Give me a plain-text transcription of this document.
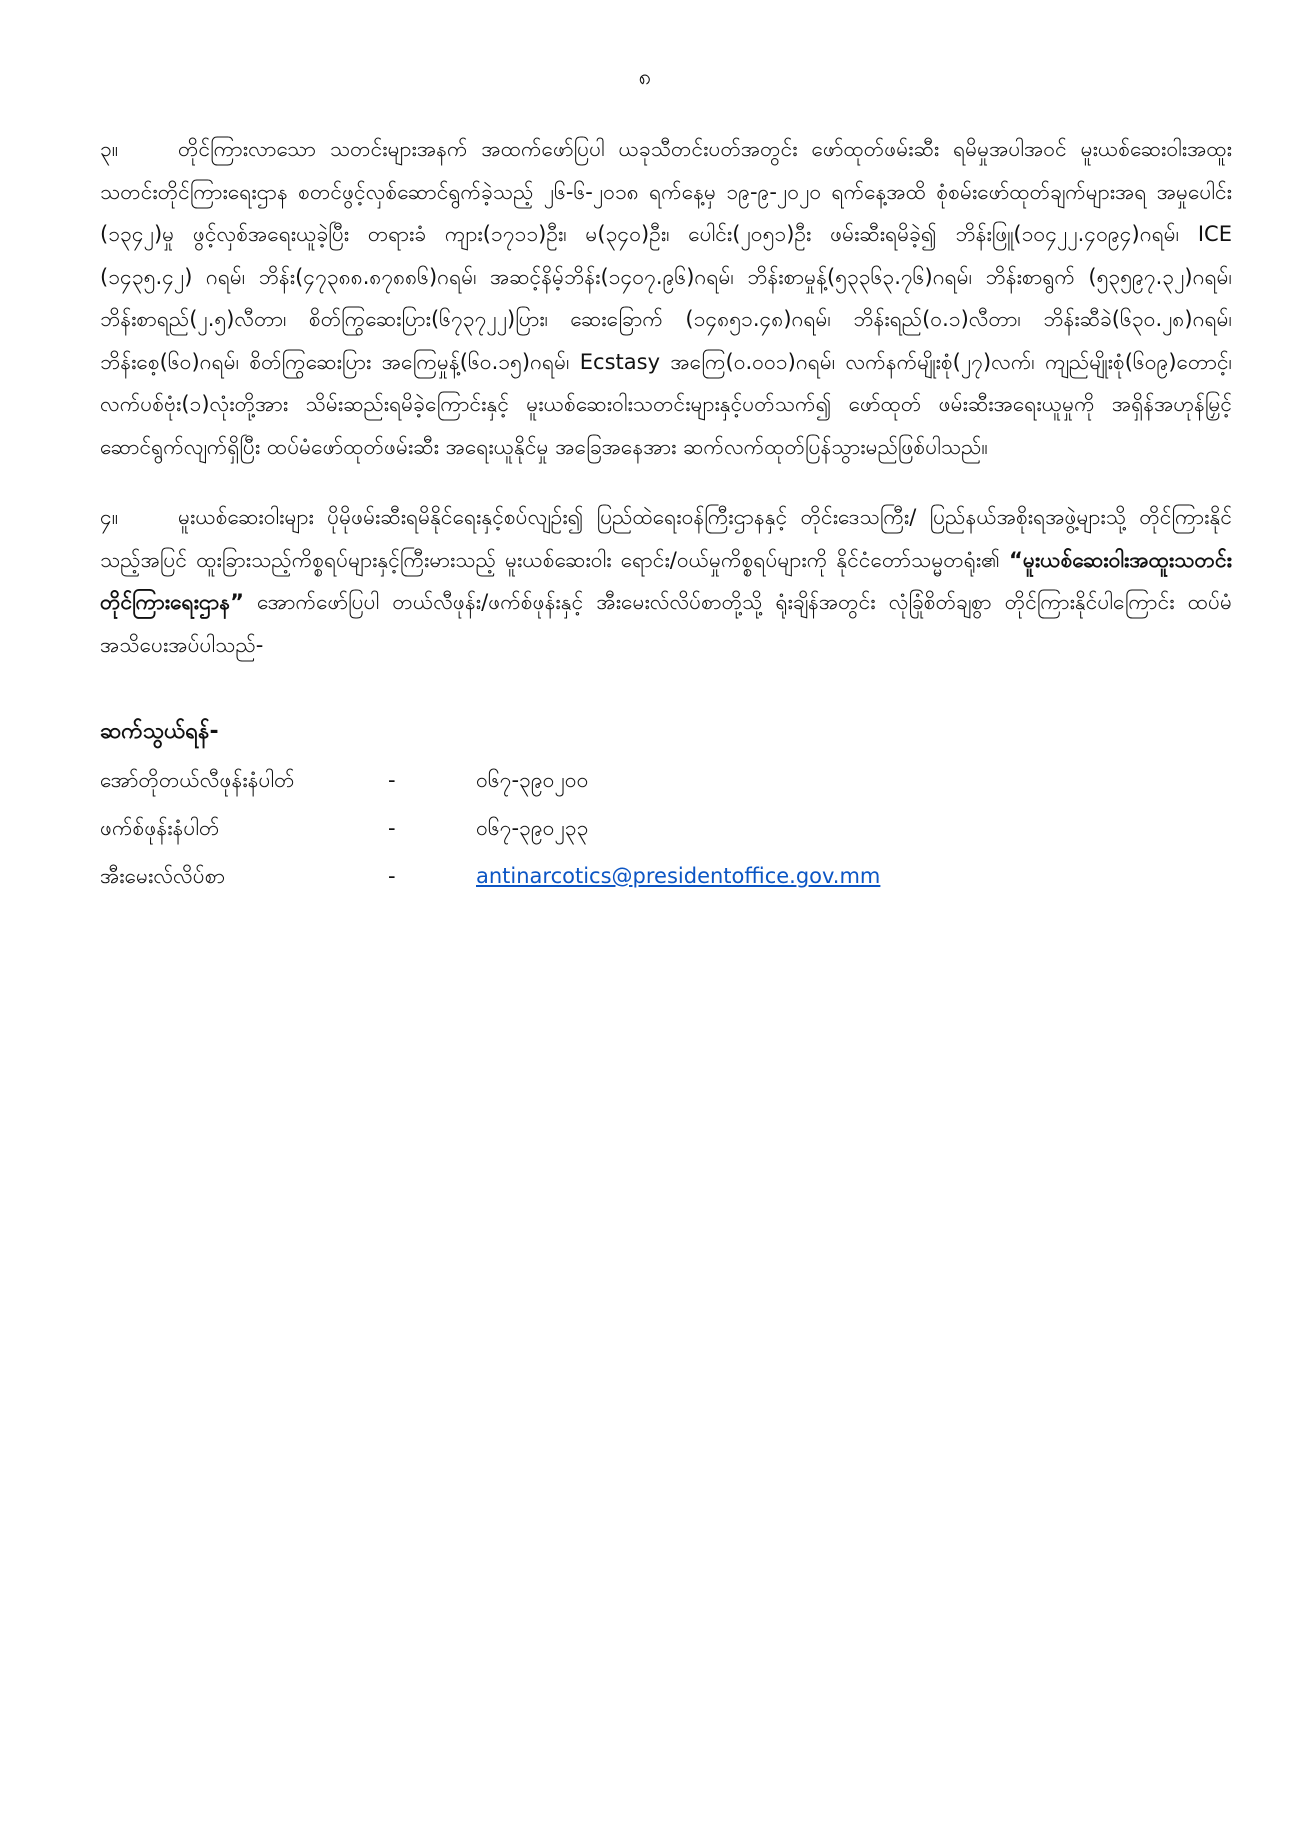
၈

၃။	တိုင်ကြားလာသော သတင်းများအနက် အထက်ဖော်ပြပါ ယခုသီတင်းပတ်အတွင်း ဖော်ထုတ်ဖမ်းဆီး ရမိမှုအပါအဝင် မူးယစ်ဆေးဝါးအထူးသတင်းတိုင်ကြားရေးဌာန စတင်ဖွင့်လှစ်ဆောင်ရွက်ခဲ့သည့် ၂၆-၆-၂၀၁၈ ရက်နေ့မှ ၁၉-၉-၂၀၂၀ ရက်နေ့အထိ စုံစမ်းဖော်ထုတ်ချက်များအရ အမှုပေါင်း (၁၃၄၂)မှု ဖွင့်လှစ်အရေးယူခဲ့ပြီး တရားခံ ကျား(၁၇၁၁)ဦး၊ မ(၃၄၀)ဦး၊ ပေါင်း(၂၀၅၁)ဦး ဖမ်းဆီးရမိခဲ့၍ ဘိန်းဖြူ(၁၀၄၂၂.၄၀၉၄)ဂရမ်၊ ICE (၁၄၃၅.၄၂) ဂရမ်၊ ဘိန်း(၄၇၃၈၈.၈၇၈၈၆)ဂရမ်၊ အဆင့်နိမ့်ဘိန်း(၁၄၀၇.၉၆)ဂရမ်၊ ဘိန်းစာမှုန့်(၅၃၃၆၃.၇၆)ဂရမ်၊ ဘိန်းစာရွက် (၅၃၅၉၇.၃၂)ဂရမ်၊ ဘိန်းစာရည်(၂.၅)လီတာ၊ စိတ်ကြွဆေးပြား(၆၇၃၇၂၂)ပြား၊ ဆေးခြောက် (၁၄၈၅၁.၄၈)ဂရမ်၊ ဘိန်းရည်(၀.၁)လီတာ၊ ဘိန်းဆီခဲ(၆၃၀.၂၈)ဂရမ်၊ ဘိန်းစေ့(၆၀)ဂရမ်၊ စိတ်ကြွဆေးပြား အကြေမှုန့်(၆၀.၁၅)ဂရမ်၊ Ecstasy အကြေ(၀.၀၀၁)ဂရမ်၊ လက်နက်မျိုးစုံ(၂၇)လက်၊ ကျည်မျိုးစုံ(၆၀၉)တောင့်၊ လက်ပစ်ဗုံး(၁)လုံးတို့အား သိမ်းဆည်းရမိခဲ့ကြောင်းနှင့် မူးယစ်ဆေးဝါးသတင်းများနှင့်ပတ်သက်၍ ဖော်ထုတ် ဖမ်းဆီးအရေးယူမှုကို အရှိန်အဟုန်မြှင့်ဆောင်ရွက်လျက်ရှိပြီး ထပ်မံဖော်ထုတ်ဖမ်းဆီး အရေးယူနိုင်မှု အခြေအနေအား ဆက်လက်ထုတ်ပြန်သွားမည်ဖြစ်ပါသည်။

၄။	မူးယစ်ဆေးဝါးများ ပိုမိုဖမ်းဆီးရမိနိုင်ရေးနှင့်စပ်လျဉ်း၍ ပြည်ထဲရေးဝန်ကြီးဌာနနှင့် တိုင်းဒေသကြီး/ ပြည်နယ်အစိုးရအဖွဲ့များသို့ တိုင်ကြားနိုင်သည့်အပြင် ထူးခြားသည့်ကိစ္စရပ်များနှင့်ကြီးမားသည့် မူးယစ်ဆေးဝါး ရောင်း/ဝယ်မှုကိစ္စရပ်များကို နိုင်ငံတော်သမ္မတရုံး၏ “မူးယစ်ဆေးဝါးအထူးသတင်းတိုင်ကြားရေးဌာန” အောက်ဖော်ပြပါ တယ်လီဖုန်း/ဖက်စ်ဖုန်းနှင့် အီးမေးလ်လိပ်စာတို့သို့ ရုံးချိန်အတွင်း လုံခြုံစိတ်ချစွာ တိုင်ကြားနိုင်ပါကြောင်း ထပ်မံအသိပေးအပ်ပါသည်-

ဆက်သွယ်ရန်-
အော်တိုတယ်လီဖုန်းနံပါတ်	-	၀၆၇-၃၉၀၂၀၀
ဖက်စ်ဖုန်းနံပါတ်	-	၀၆၇-၃၉၀၂၃၃
အီးမေးလ်လိပ်စာ	-	antinarcotics@presidentoffice.gov.mm
